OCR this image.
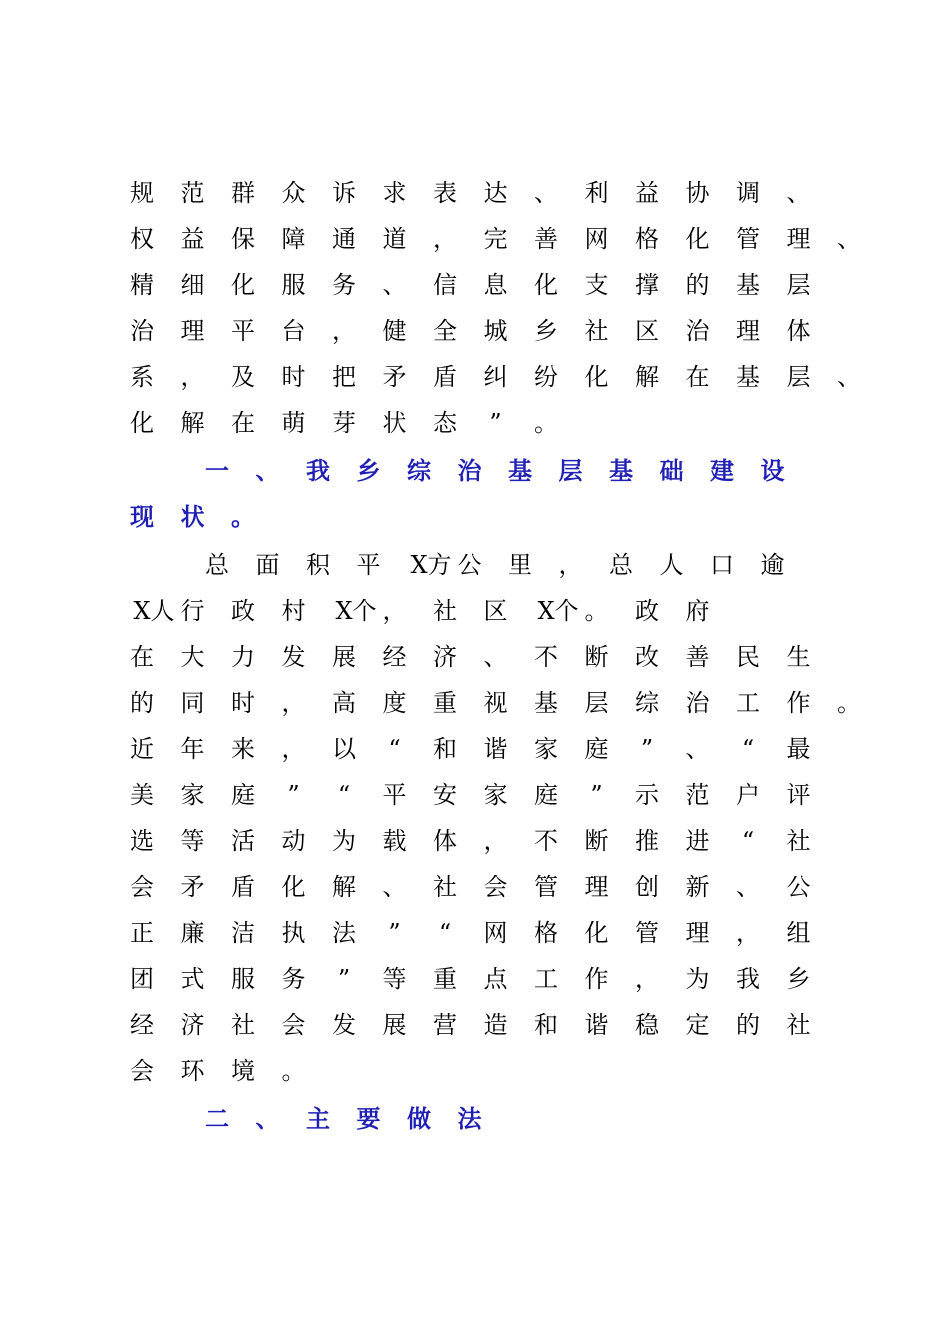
规 范 群 众 诉 求 表 达 、 利 益 协 调 、
权 益 保 障 通 道 ， 完 善 网 格 化 管 理 、
精 细 化 服 务 、 信 息 化 支 撑 的 基 层
治 理 平 台 ， 健 全 城 乡 社 区 治 理 体
系 ， 及 时 把 矛 盾 纠 纷 化 解 在 基 层 、
化 解 在 萌 芽 状 态 ” 。
一 、 我 乡 综 治 基 层 基 础 建 设
现 状 。
总 面 积 平 X方 公 里 ， 总 人 口 逾
X人 行 政 村 X个 ， 社 区 X个 。 政 府
在 大 力 发 展 经 济 、 不 断 改 善 民 生
的 同 时 ， 高 度 重 视 基 层 综 治 工 作 。
近 年 来 ， 以 “ 和 谐 家 庭 ” 、 “ 最
美 家 庭 ” “ 平 安 家 庭 ” 示 范 户 评
选 等 活 动 为 载 体 ， 不 断 推 进 “ 社
会 矛 盾 化 解 、 社 会 管 理 创 新 、 公
正 廉 洁 执 法 ” “ 网 格 化 管 理 ， 组
团 式 服 务 ” 等 重 点 工 作 ， 为 我 乡
经 济 社 会 发 展 营 造 和 谐 稳 定 的 社
会 环 境 。
二 、 主 要 做 法
